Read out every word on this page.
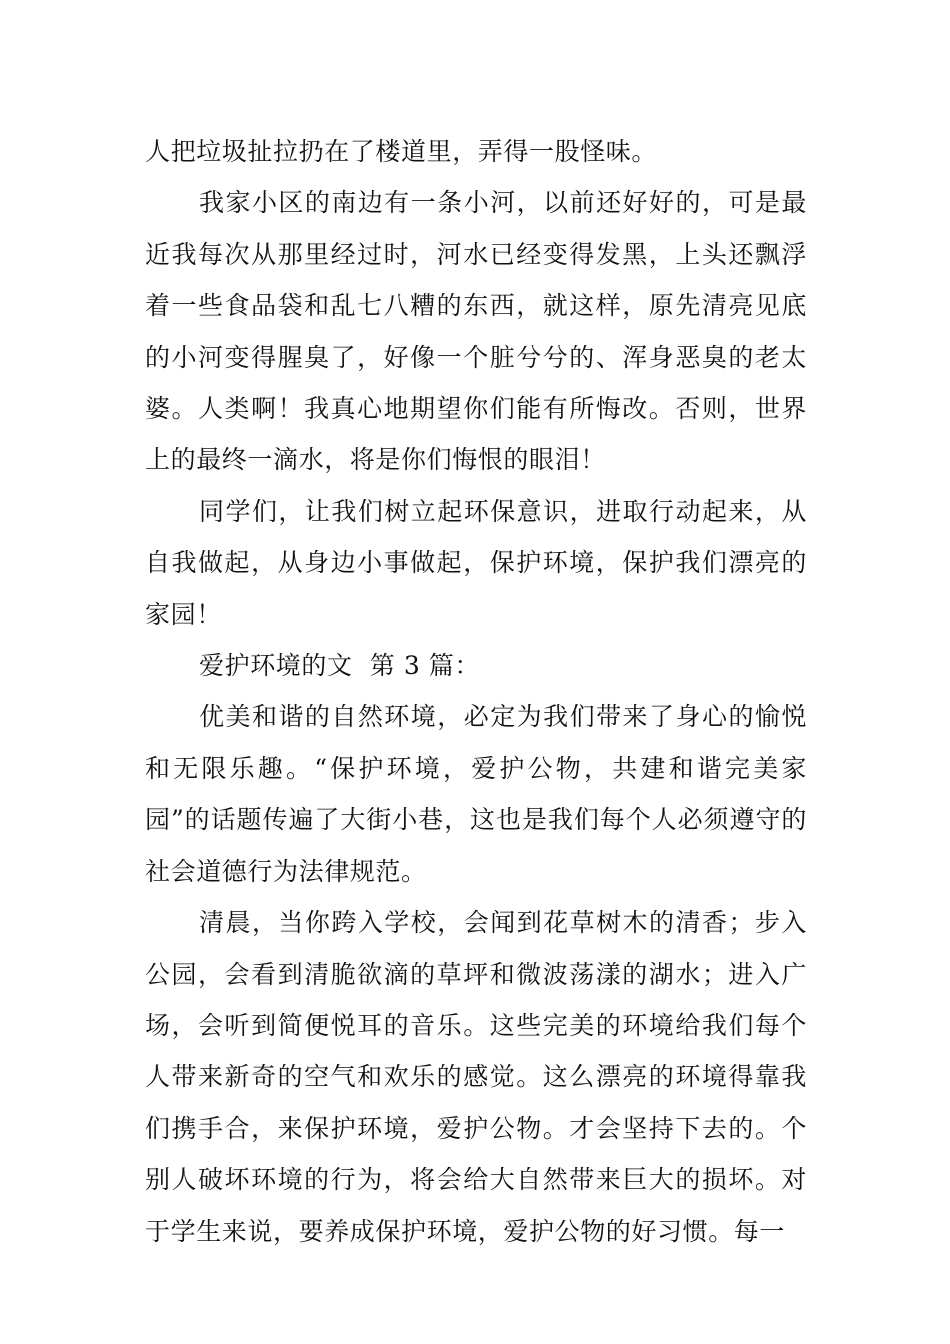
人把垃圾扯拉扔在了楼道里，弄得一股怪味。

我家小区的南边有一条小河，以前还好好的，可是最近我每次从那里经过时，河水已经变得发黑，上头还飘浮着一些食品袋和乱七八糟的东西，就这样，原先清亮见底的小河变得腥臭了，好像一个脏兮兮的、浑身恶臭的老太婆。人类啊！我真心地期望你们能有所悔改。否则，世界上的最终一滴水，将是你们悔恨的眼泪！

同学们，让我们树立起环保意识，进取行动起来，从自我做起，从身边小事做起，保护环境，保护我们漂亮的家园！

爱护环境的文  第 3 篇：

优美和谐的自然环境，必定为我们带来了身心的愉悦和无限乐趣。“保护环境，爱护公物，共建和谐完美家园”的话题传遍了大街小巷，这也是我们每个人必须遵守的社会道德行为法律规范。

清晨，当你跨入学校，会闻到花草树木的清香；步入公园，会看到清脆欲滴的草坪和微波荡漾的湖水；进入广场，会听到简便悦耳的音乐。这些完美的环境给我们每个人带来新奇的空气和欢乐的感觉。这么漂亮的环境得靠我们携手合，来保护环境，爱护公物。才会坚持下去的。个别人破坏环境的行为，将会给大自然带来巨大的损坏。对于学生来说，要养成保护环境，爱护公物的好习惯。每一
